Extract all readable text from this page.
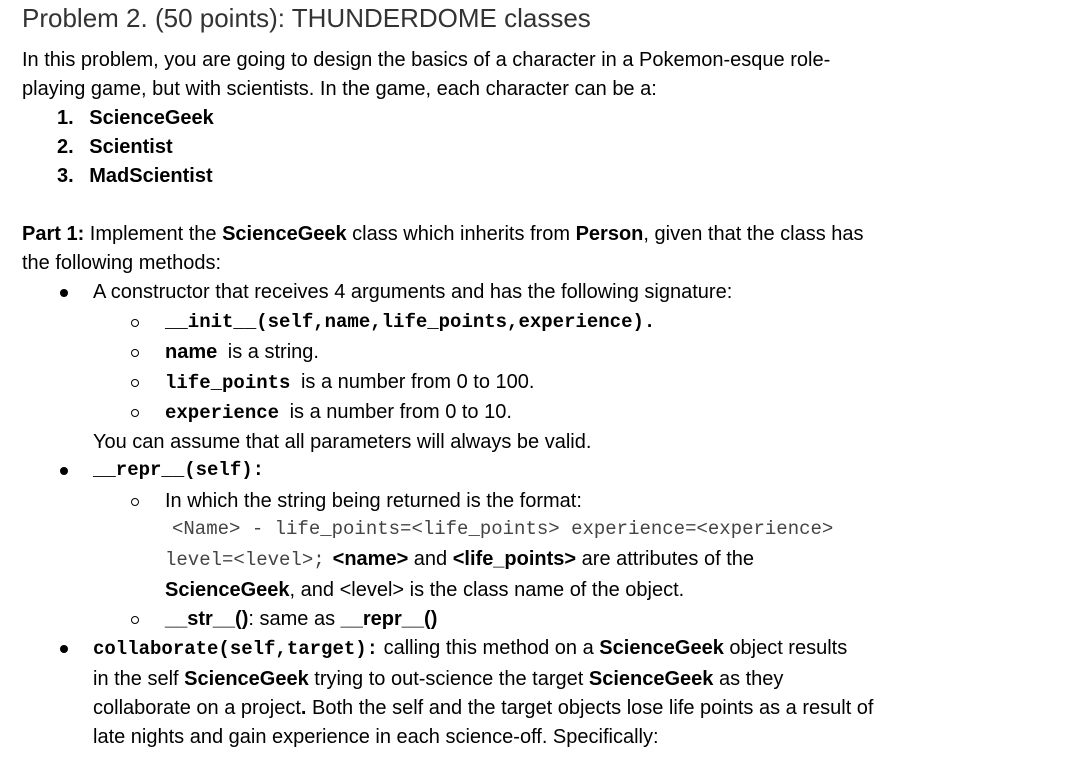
Problem 2. (50 points): THUNDERDOME classes
In this problem, you are going to design the basics of a character in a Pokemon-esque role-
playing game, but with scientists. In the game, each character can be a:
1. ScienceGeek
2. Scientist
3. MadScientist
Part 1: Implement the ScienceGeek class which inherits from Person, given that the class has
the following methods:
A constructor that receives 4 arguments and has the following signature:
__init__(self,name,life_points,experience).
name is a string.
life_points is a number from 0 to 100.
experience is a number from 0 to 10.
You can assume that all parameters will always be valid.
__repr__(self):
In which the string being returned is the format:
<Name> - life_points=<life_points> experience=<experience>
level=<level>; <name> and <life_points> are attributes of the
ScienceGeek, and <level> is the class name of the object.
__str__(): same as __repr__()
collaborate(self,target): calling this method on a ScienceGeek object results
in the self ScienceGeek trying to out-science the target ScienceGeek as they
collaborate on a project. Both the self and the target objects lose life points as a result of
late nights and gain experience in each science-off. Specifically:
